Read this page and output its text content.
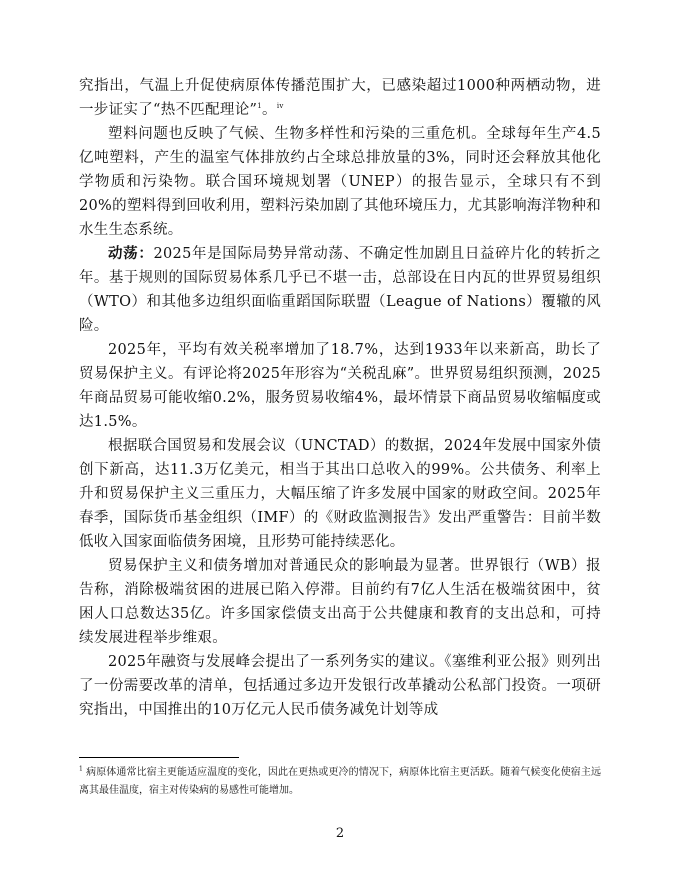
究指出，气温上升促使病原体传播范围扩大，已感染超过1000种两栖动物，进一步证实了“热不匹配理论”$^1$。$^{iv}$

塑料问题也反映了气候、生物多样性和污染的三重危机。全球每年生产4.5亿吨塑料，产生的温室气体排放约占全球总排放量的3%，同时还会释放其他化学物质和污染物。联合国环境规划署（UNEP）的报告显示，全球只有不到20%的塑料得到回收利用，塑料污染加剧了其他环境压力，尤其影响海洋物种和水生生态系统。

动荡：2025年是国际局势异常动荡、不确定性加剧且日益碎片化的转折之年。基于规则的国际贸易体系几乎已不堪一击，总部设在日内瓦的世界贸易组织（WTO）和其他多边组织面临重蹈国际联盟（League of Nations）覆辙的风险。

2025年，平均有效关税率增加了18.7%，达到1933年以来新高，助长了贸易保护主义。有评论将2025年形容为“关税乱麻”。世界贸易组织预测，2025年商品贸易可能收缩0.2%，服务贸易收缩4%，最坏情景下商品贸易收缩幅度或达1.5%。

根据联合国贸易和发展会议（UNCTAD）的数据，2024年发展中国家外债创下新高，达11.3万亿美元，相当于其出口总收入的99%。公共债务、利率上升和贸易保护主义三重压力，大幅压缩了许多发展中国家的财政空间。2025年春季，国际货币基金组织（IMF）的《财政监测报告》发出严重警告：目前半数低收入国家面临债务困境，且形势可能持续恶化。

贸易保护主义和债务增加对普通民众的影响最为显著。世界银行（WB）报告称，消除极端贫困的进展已陷入停滞。目前约有7亿人生活在极端贫困中，贫困人口总数达35亿。许多国家偿债支出高于公共健康和教育的支出总和，可持续发展进程举步维艰。

2025年融资与发展峰会提出了一系列务实的建议。《塞维利亚公报》则列出了一份需要改革的清单，包括通过多边开发银行改革撬动公私部门投资。一项研究指出，中国推出的10万亿元人民币债务减免计划等成

$^1$ 病原体通常比宿主更能适应温度的变化，因此在更热或更冷的情况下，病原体比宿主更活跃。随着气候变化使宿主远离其最佳温度，宿主对传染病的易感性可能增加。

2
